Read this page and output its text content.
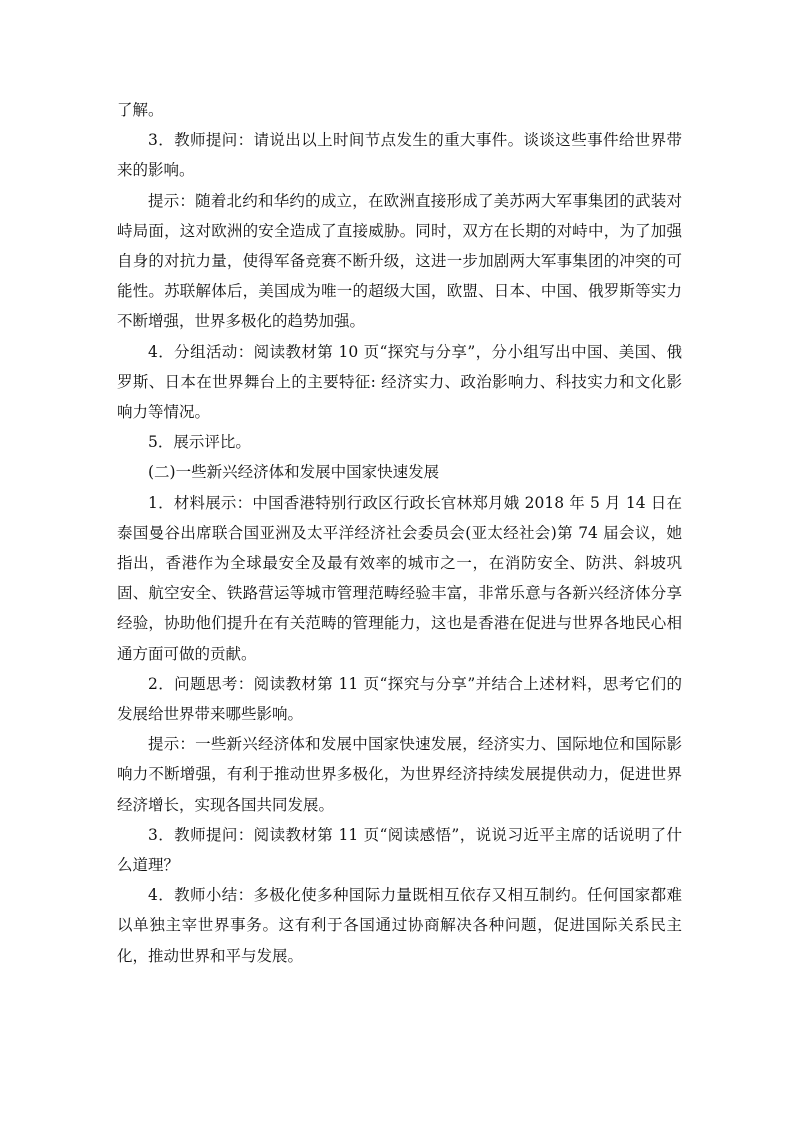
了解。

3．教师提问：请说出以上时间节点发生的重大事件。谈谈这些事件给世界带来的影响。

提示：随着北约和华约的成立，在欧洲直接形成了美苏两大军事集团的武装对峙局面，这对欧洲的安全造成了直接威胁。同时，双方在长期的对峙中，为了加强自身的对抗力量，使得军备竞赛不断升级，这进一步加剧两大军事集团的冲突的可能性。苏联解体后，美国成为唯一的超级大国，欧盟、日本、中国、俄罗斯等实力不断增强，世界多极化的趋势加强。

4．分组活动：阅读教材第 10 页“探究与分享”，分小组写出中国、美国、俄罗斯、日本在世界舞台上的主要特征: 经济实力、政治影响力、科技实力和文化影响力等情况。

5．展示评比。

(二)一些新兴经济体和发展中国家快速发展

1．材料展示：中国香港特别行政区行政长官林郑月娥 2018 年 5 月 14 日在泰国曼谷出席联合国亚洲及太平洋经济社会委员会(亚太经社会)第 74 届会议，她指出，香港作为全球最安全及最有效率的城市之一，在消防安全、防洪、斜坡巩固、航空安全、铁路营运等城市管理范畴经验丰富，非常乐意与各新兴经济体分享经验，协助他们提升在有关范畴的管理能力，这也是香港在促进与世界各地民心相通方面可做的贡献。

2．问题思考：阅读教材第 11 页“探究与分享”并结合上述材料，思考它们的发展给世界带来哪些影响。

提示：一些新兴经济体和发展中国家快速发展，经济实力、国际地位和国际影响力不断增强，有利于推动世界多极化，为世界经济持续发展提供动力，促进世界经济增长，实现各国共同发展。

3．教师提问：阅读教材第 11 页“阅读感悟”，说说习近平主席的话说明了什么道理？

4．教师小结：多极化使多种国际力量既相互依存又相互制约。任何国家都难以单独主宰世界事务。这有利于各国通过协商解决各种问题，促进国际关系民主化，推动世界和平与发展。
